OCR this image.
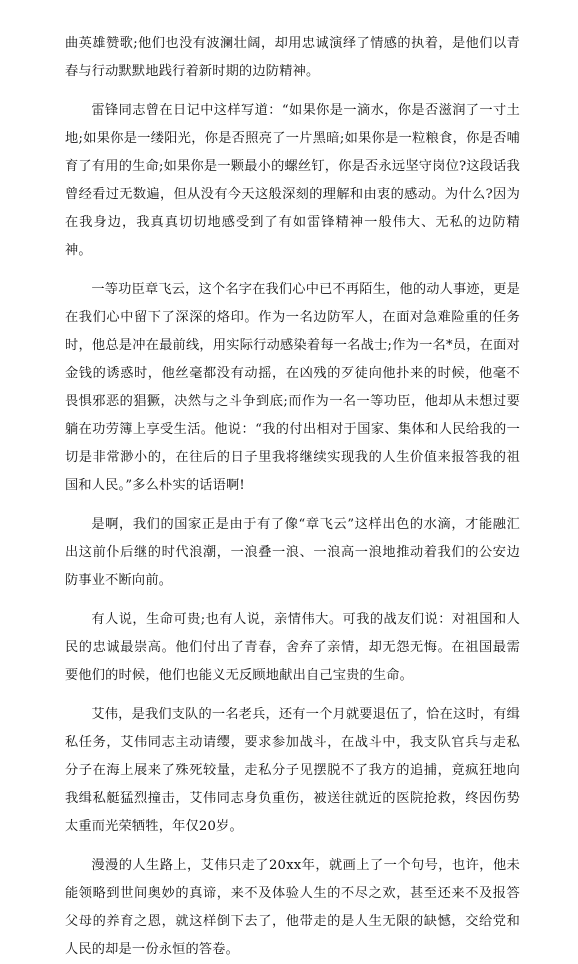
曲英雄赞歌;他们也没有波澜壮阔，却用忠诚演绎了情感的执着，是他们以青春与行动默默地践行着新时期的边防精神。

雷锋同志曾在日记中这样写道：“如果你是一滴水，你是否滋润了一寸土地;如果你是一缕阳光，你是否照亮了一片黑暗;如果你是一粒粮食，你是否哺育了有用的生命;如果你是一颗最小的螺丝钉，你是否永远坚守岗位?这段话我曾经看过无数遍，但从没有今天这般深刻的理解和由衷的感动。为什么?因为在我身边，我真真切切地感受到了有如雷锋精神一般伟大、无私的边防精神。

一等功臣章飞云，这个名字在我们心中已不再陌生，他的动人事迹，更是在我们心中留下了深深的烙印。作为一名边防军人，在面对急难险重的任务时，他总是冲在最前线，用实际行动感染着每一名战士;作为一名*员，在面对金钱的诱惑时，他丝毫都没有动摇，在凶残的歹徒向他扑来的时候，他毫不畏惧邪恶的猖獗，决然与之斗争到底;而作为一名一等功臣，他却从未想过要躺在功劳簿上享受生活。他说：“我的付出相对于国家、集体和人民给我的一切是非常渺小的，在往后的日子里我将继续实现我的人生价值来报答我的祖国和人民。”多么朴实的话语啊!

是啊，我们的国家正是由于有了像“章飞云”这样出色的水滴，才能融汇出这前仆后继的时代浪潮，一浪叠一浪、一浪高一浪地推动着我们的公安边防事业不断向前。

有人说，生命可贵;也有人说，亲情伟大。可我的战友们说：对祖国和人民的忠诚最崇高。他们付出了青春，舍弃了亲情，却无怨无悔。在祖国最需要他们的时候，他们也能义无反顾地献出自己宝贵的生命。

艾伟，是我们支队的一名老兵，还有一个月就要退伍了，恰在这时，有缉私任务，艾伟同志主动请缨，要求参加战斗，在战斗中，我支队官兵与走私分子在海上展来了殊死较量，走私分子见摆脱不了我方的追捕，竟疯狂地向我缉私艇猛烈撞击，艾伟同志身负重伤，被送往就近的医院抢救，终因伤势太重而光荣牺牲，年仅20岁。

漫漫的人生路上，艾伟只走了20xx年，就画上了一个句号，也许，他未能领略到世间奥妙的真谛，来不及体验人生的不尽之欢，甚至还来不及报答父母的养育之恩，就这样倒下去了，他带走的是人生无限的缺憾，交给党和人民的却是一份永恒的答卷。
